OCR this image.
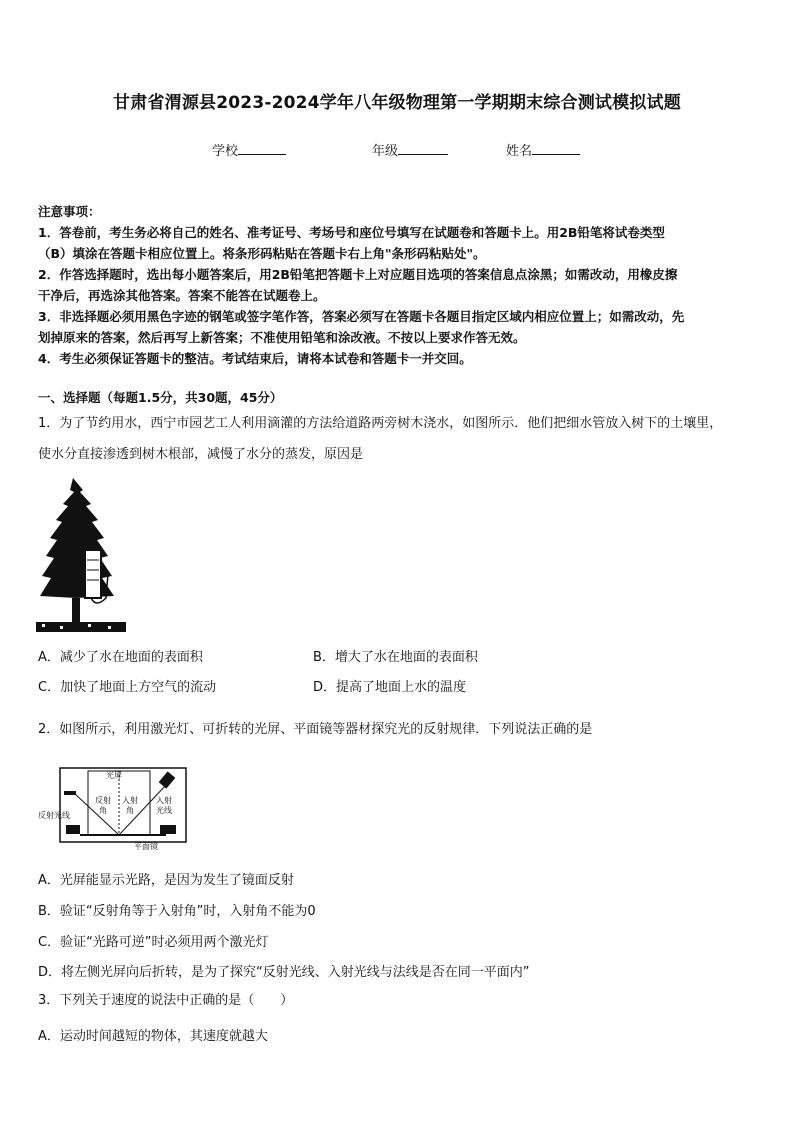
甘肃省渭源县2023-2024学年八年级物理第一学期期末综合测试模拟试题
学校	年级	姓名
注意事项：
1．答卷前，考生务必将自己的姓名、准考证号、考场号和座位号填写在试题卷和答题卡上。用2B铅笔将试卷类型
（B）填涂在答题卡相应位置上。将条形码粘贴在答题卡右上角"条形码粘贴处"。
2．作答选择题时，选出每小题答案后，用2B铅笔把答题卡上对应题目选项的答案信息点涂黑；如需改动，用橡皮擦
干净后，再选涂其他答案。答案不能答在试题卷上。
3．非选择题必须用黑色字迹的钢笔或签字笔作答，答案必须写在答题卡各题目指定区域内相应位置上；如需改动，先
划掉原来的答案，然后再写上新答案；不准使用铅笔和涂改液。不按以上要求作答无效。
4．考生必须保证答题卡的整洁。考试结束后，请将本试卷和答题卡一并交回。
一、选择题（每题1.5分，共30题，45分）
1．为了节约用水，西宁市园艺工人利用滴灌的方法给道路两旁树木浇水，如图所示．他们把细水管放入树下的土壤里，
使水分直接渗透到树木根部，减慢了水分的蒸发，原因是
A．减少了水在地面的表面积	B．增大了水在地面的表面积
C．加快了地面上方空气的流动	D．提高了地面上水的温度
2．如图所示，利用激光灯、可折转的光屏、平面镜等器材探究光的反射规律．下列说法正确的是
光屏
反射
角
入射
角
反射光线
入射
光线
平面镜
A．光屏能显示光路，是因为发生了镜面反射
B．验证“反射角等于入射角”时，入射角不能为0
C．验证“光路可逆”时必须用两个激光灯
D．将左侧光屏向后折转，是为了探究“反射光线、入射光线与法线是否在同一平面内”
3．下列关于速度的说法中正确的是（　　）
A．运动时间越短的物体，其速度就越大
